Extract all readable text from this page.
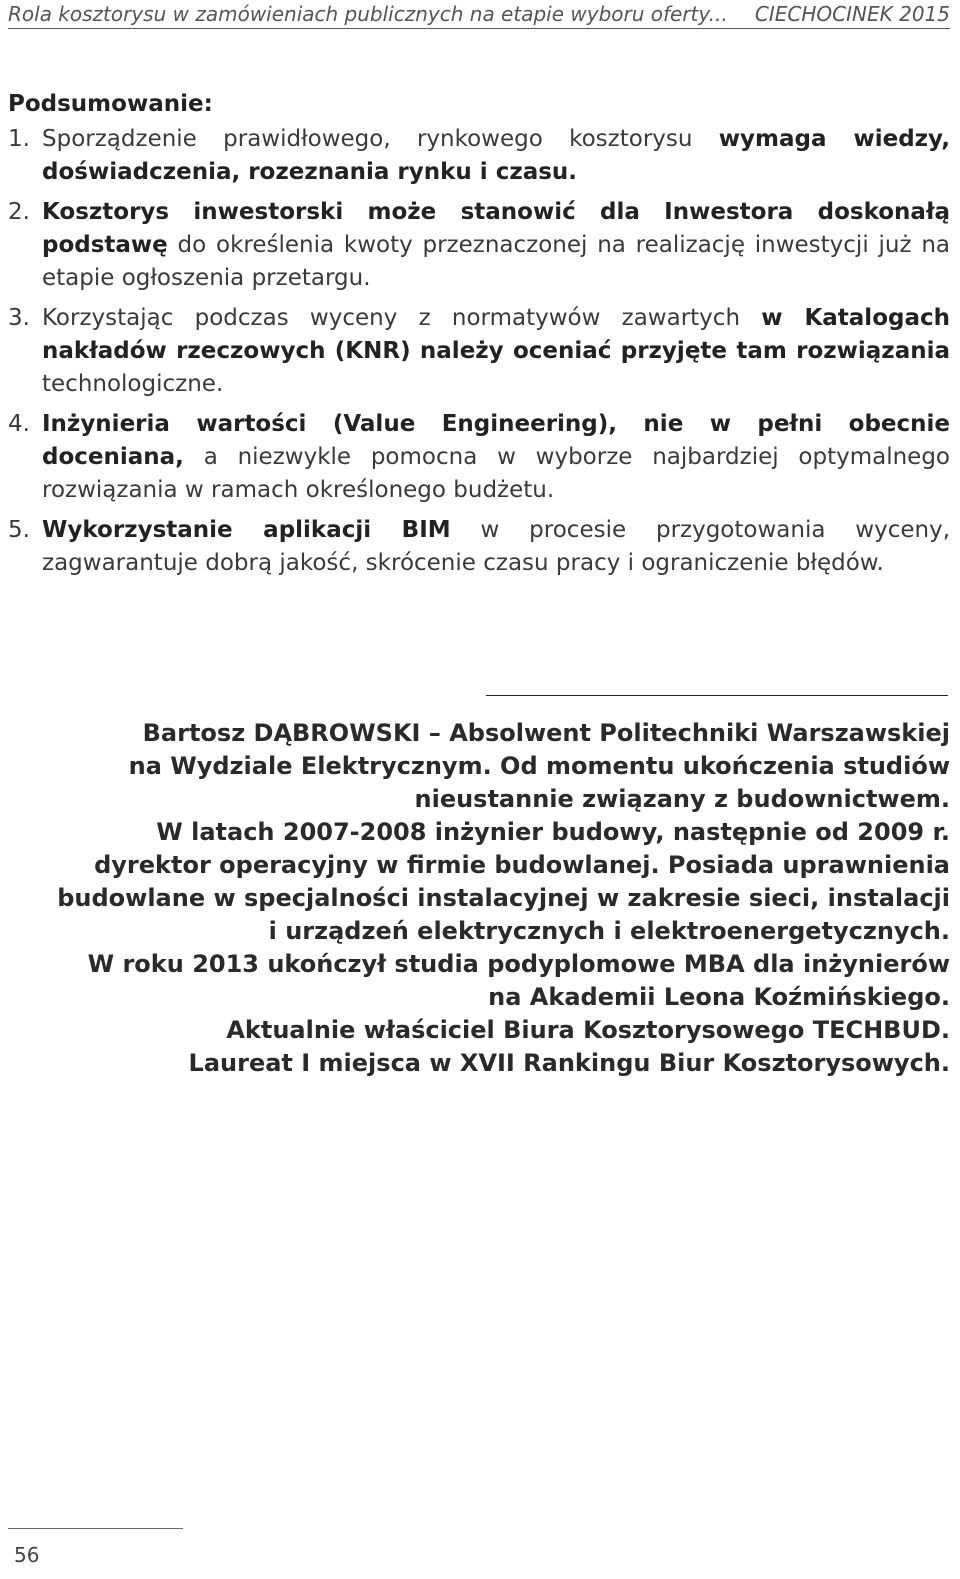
Rola kosztorysu w zamówieniach publicznych na etapie wyboru oferty... CIECHOCINEK 2015
Podsumowanie:
1. Sporządzenie prawidłowego, rynkowego kosztorysu wymaga wiedzy, doświadczenia, rozeznania rynku i czasu.
2. Kosztorys inwestorski może stanowić dla Inwestora doskonałą podstawę do określenia kwoty przeznaczonej na realizację inwestycji już na etapie ogłoszenia przetargu.
3. Korzystając podczas wyceny z normatywów zawartych w Katalogach nakładów rzeczowych (KNR) należy oceniać przyjęte tam rozwiązania technologiczne.
4. Inżynieria wartości (Value Engineering), nie w pełni obecnie doceniana, a niezwykle pomocna w wyborze najbardziej optymalnego rozwiązania w ramach określonego budżetu.
5. Wykorzystanie aplikacji BIM w procesie przygotowania wyceny, zagwarantuje dobrą jakość, skrócenie czasu pracy i ograniczenie błędów.
Bartosz DĄBROWSKI – Absolwent Politechniki Warszawskiej
na Wydziale Elektrycznym. Od momentu ukończenia studiów
nieustannie związany z budownictwem.
W latach 2007-2008 inżynier budowy, następnie od 2009 r.
dyrektor operacyjny w firmie budowlanej. Posiada uprawnienia
budowlane w specjalności instalacyjnej w zakresie sieci, instalacji
i urządzeń elektrycznych i elektroenergetycznych.
W roku 2013 ukończył studia podyplomowe MBA dla inżynierów
na Akademii Leona Koźmińskiego.
Aktualnie właściciel Biura Kosztorysowego TECHBUD.
Laureat I miejsca w XVII Rankingu Biur Kosztorysowych.
56
